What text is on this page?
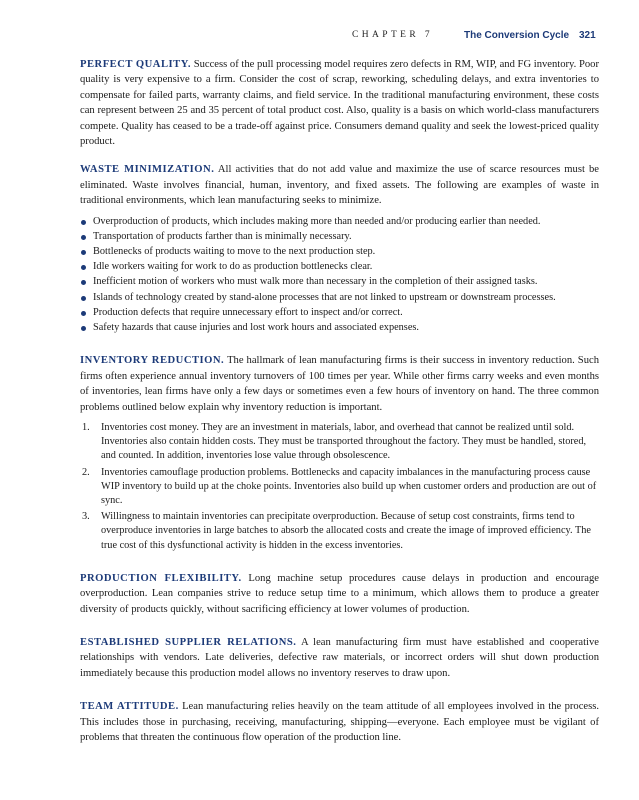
CHAPTER 7	The Conversion Cycle 321

PERFECT QUALITY. Success of the pull processing model requires zero defects in RM, WIP, and FG inventory. Poor quality is very expensive to a firm. Consider the cost of scrap, reworking, scheduling delays, and extra inventories to compensate for failed parts, warranty claims, and field service. In the traditional manufacturing environment, these costs can represent between 25 and 35 percent of total product cost. Also, quality is a basis on which world-class manufacturers compete. Quality has ceased to be a trade-off against price. Consumers demand quality and seek the lowest-priced quality product.

WASTE MINIMIZATION. All activities that do not add value and maximize the use of scarce resources must be eliminated. Waste involves financial, human, inventory, and fixed assets. The following are examples of waste in traditional environments, which lean manufacturing seeks to minimize.

Overproduction of products, which includes making more than needed and/or producing earlier than needed.
Transportation of products farther than is minimally necessary.
Bottlenecks of products waiting to move to the next production step.
Idle workers waiting for work to do as production bottlenecks clear.
Inefficient motion of workers who must walk more than necessary in the completion of their assigned tasks.
Islands of technology created by stand-alone processes that are not linked to upstream or downstream processes.
Production defects that require unnecessary effort to inspect and/or correct.
Safety hazards that cause injuries and lost work hours and associated expenses.

INVENTORY REDUCTION. The hallmark of lean manufacturing firms is their success in inventory reduction. Such firms often experience annual inventory turnovers of 100 times per year. While other firms carry weeks and even months of inventories, lean firms have only a few days or sometimes even a few hours of inventory on hand. The three common problems outlined below explain why inventory reduction is important.

1. Inventories cost money. They are an investment in materials, labor, and overhead that cannot be realized until sold. Inventories also contain hidden costs. They must be transported throughout the factory. They must be handled, stored, and counted. In addition, inventories lose value through obsolescence.
2. Inventories camouflage production problems. Bottlenecks and capacity imbalances in the manufacturing process cause WIP inventory to build up at the choke points. Inventories also build up when customer orders and production are out of sync.
3. Willingness to maintain inventories can precipitate overproduction. Because of setup cost constraints, firms tend to overproduce inventories in large batches to absorb the allocated costs and create the image of improved efficiency. The true cost of this dysfunctional activity is hidden in the excess inventories.

PRODUCTION FLEXIBILITY. Long machine setup procedures cause delays in production and encourage overproduction. Lean companies strive to reduce setup time to a minimum, which allows them to produce a greater diversity of products quickly, without sacrificing efficiency at lower volumes of production.

ESTABLISHED SUPPLIER RELATIONS. A lean manufacturing firm must have established and cooperative relationships with vendors. Late deliveries, defective raw materials, or incorrect orders will shut down production immediately because this production model allows no inventory reserves to draw upon.

TEAM ATTITUDE. Lean manufacturing relies heavily on the team attitude of all employees involved in the process. This includes those in purchasing, receiving, manufacturing, shipping—everyone. Each employee must be vigilant of problems that threaten the continuous flow operation of the production line.
